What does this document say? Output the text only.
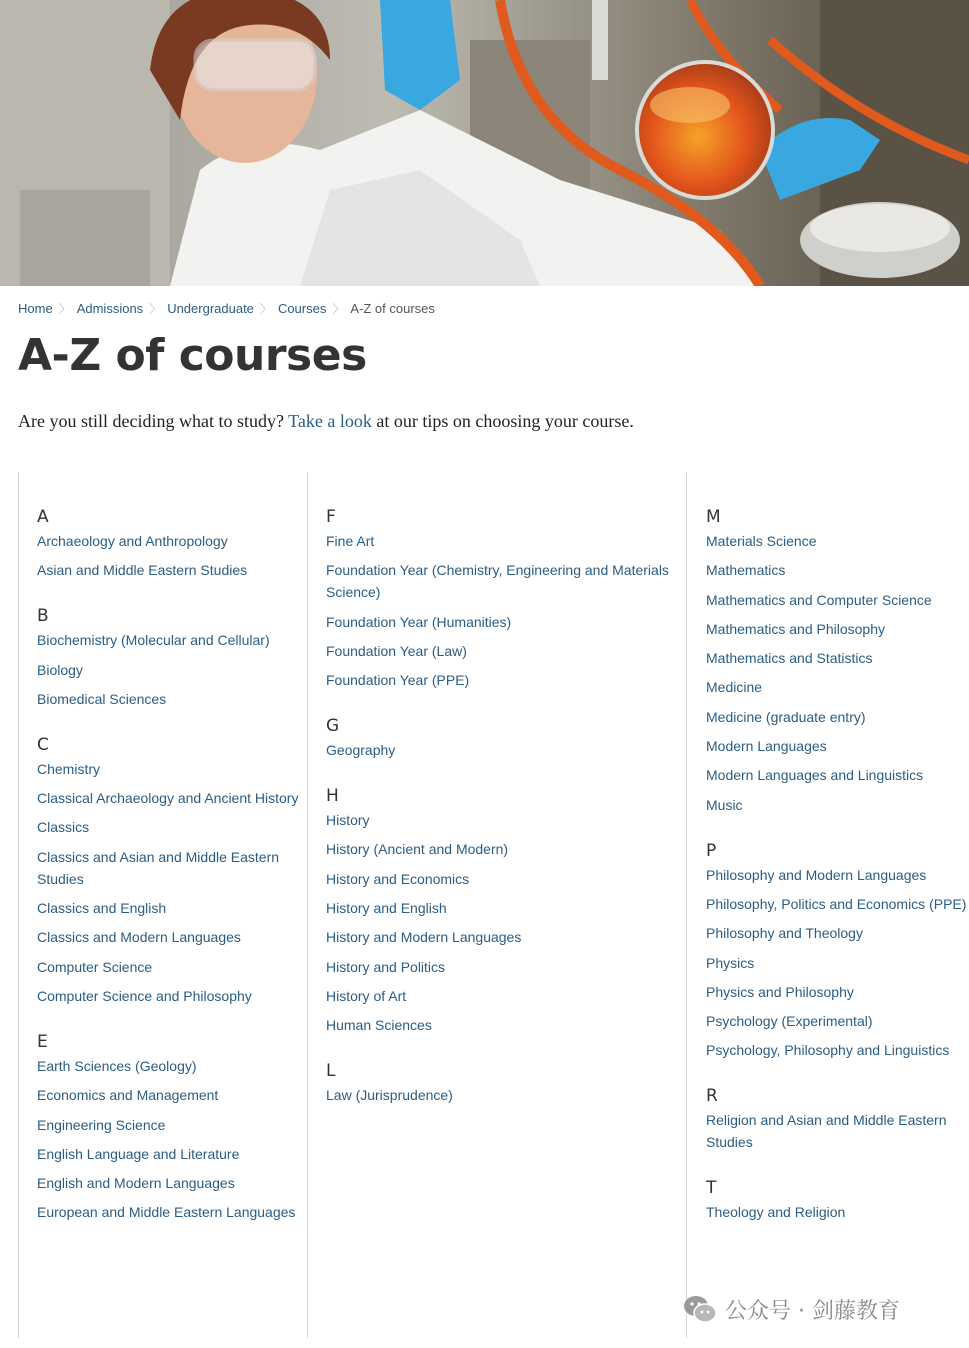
Home 〉 Admissions 〉 Undergraduate 〉 Courses 〉 A-Z of courses
A-Z of courses

Are you still deciding what to study? Take a look at our tips on choosing your course.

A
Archaeology and Anthropology
Asian and Middle Eastern Studies
B
Biochemistry (Molecular and Cellular)
Biology
Biomedical Sciences
C
Chemistry
Classical Archaeology and Ancient History
Classics
Classics and Asian and Middle Eastern Studies
Classics and English
Classics and Modern Languages
Computer Science
Computer Science and Philosophy
E
Earth Sciences (Geology)
Economics and Management
Engineering Science
English Language and Literature
English and Modern Languages
European and Middle Eastern Languages
F
Fine Art
Foundation Year (Chemistry, Engineering and Materials Science)
Foundation Year (Humanities)
Foundation Year (Law)
Foundation Year (PPE)
G
Geography
H
History
History (Ancient and Modern)
History and Economics
History and English
History and Modern Languages
History and Politics
History of Art
Human Sciences
L
Law (Jurisprudence)
M
Materials Science
Mathematics
Mathematics and Computer Science
Mathematics and Philosophy
Mathematics and Statistics
Medicine
Medicine (graduate entry)
Modern Languages
Modern Languages and Linguistics
Music
P
Philosophy and Modern Languages
Philosophy, Politics and Economics (PPE)
Philosophy and Theology
Physics
Physics and Philosophy
Psychology (Experimental)
Psychology, Philosophy and Linguistics
R
Religion and Asian and Middle Eastern Studies
T
Theology and Religion
公众号 · 剑藤教育
